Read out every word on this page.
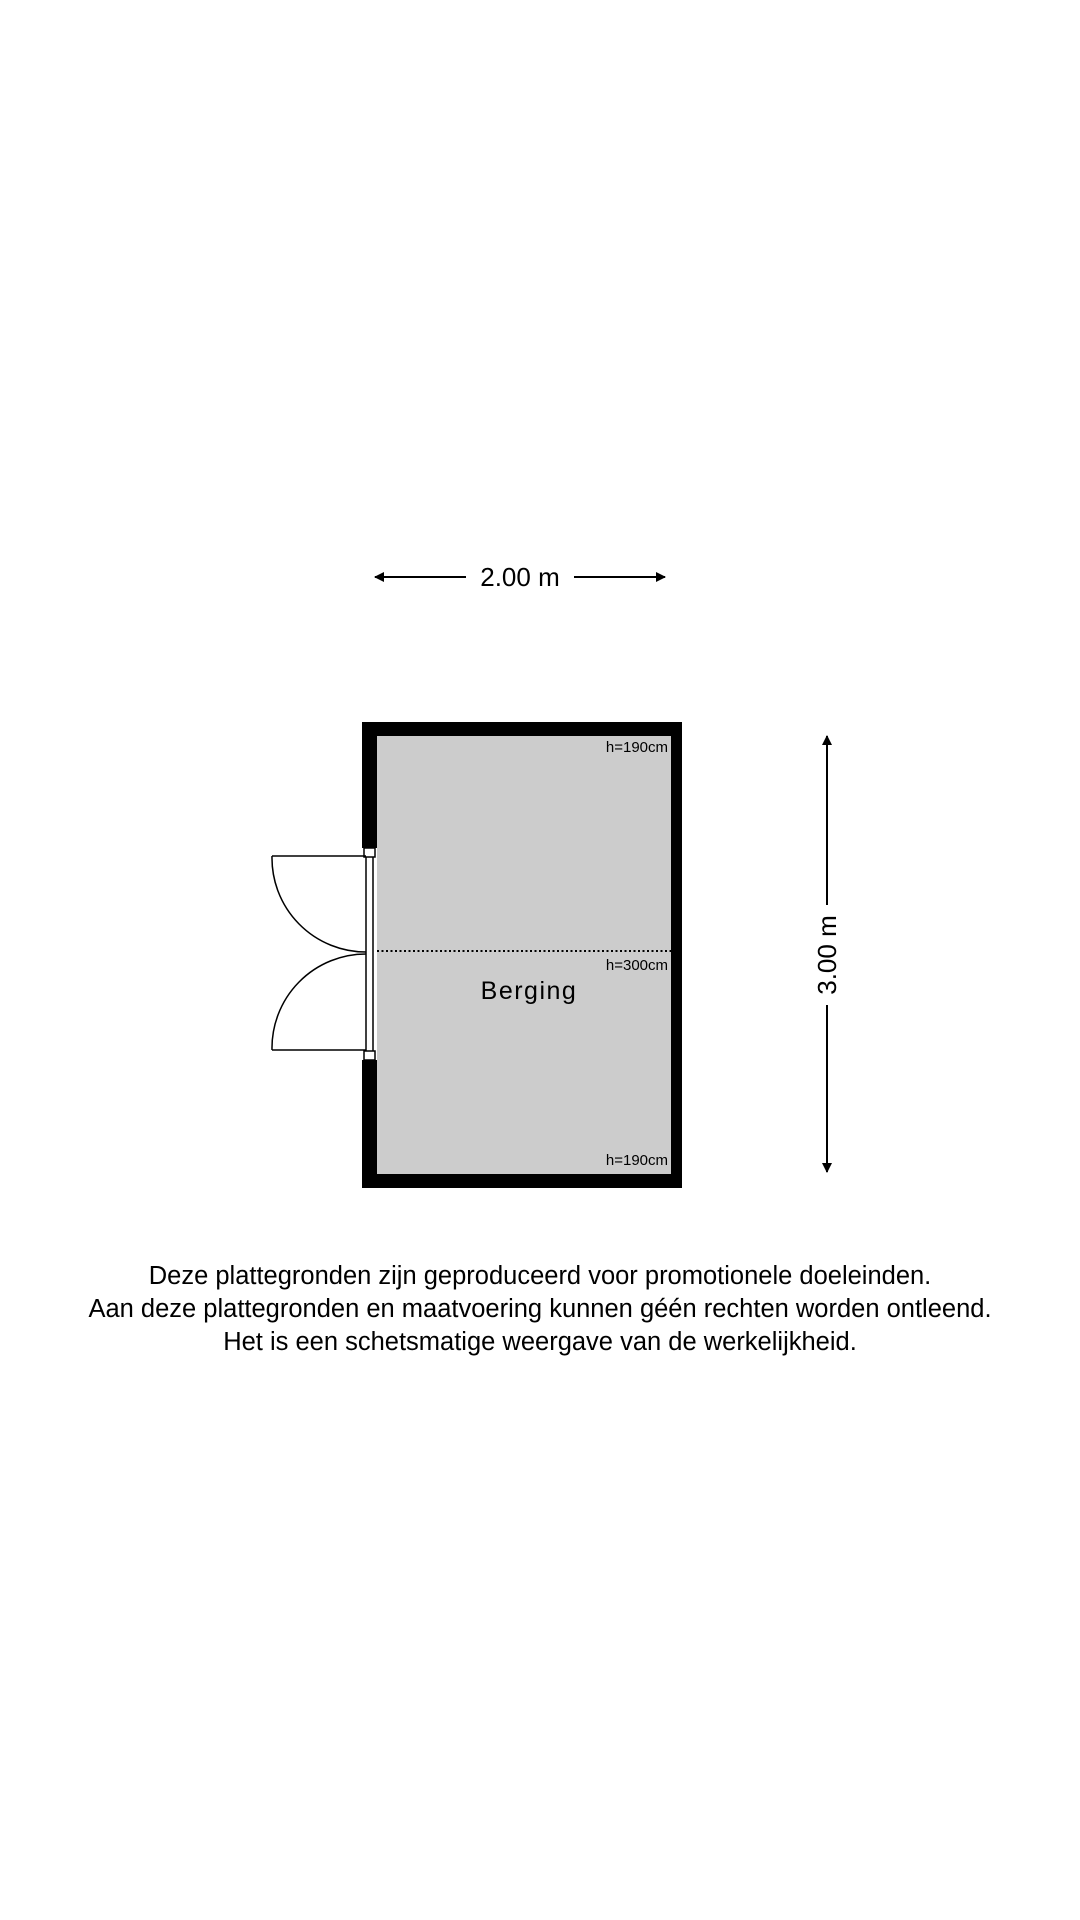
2.00 m
3.00 m
Berging
h=190cm
h=300cm
h=190cm
Deze plattegronden zijn geproduceerd voor promotionele doeleinden.
Aan deze plattegronden en maatvoering kunnen géén rechten worden ontleend.
Het is een schetsmatige weergave van de werkelijkheid.
